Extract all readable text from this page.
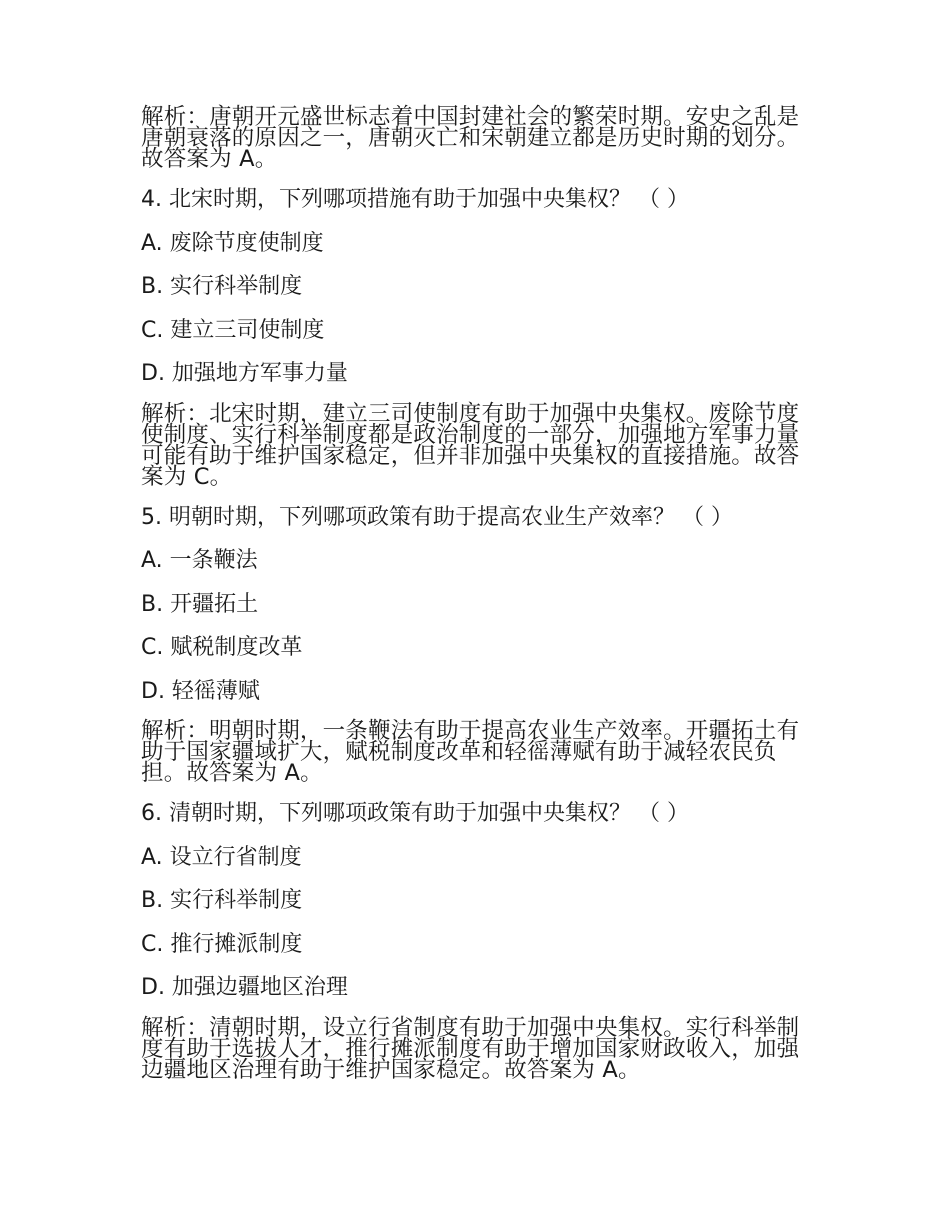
解析：唐朝开元盛世标志着中国封建社会的繁荣时期。安史之乱是唐朝衰落的原因之一，唐朝灭亡和宋朝建立都是历史时期的划分。故答案为 A。

4. 北宋时期，下列哪项措施有助于加强中央集权？ （ ）

A. 废除节度使制度

B. 实行科举制度

C. 建立三司使制度

D. 加强地方军事力量

解析：北宋时期，建立三司使制度有助于加强中央集权。废除节度使制度、实行科举制度都是政治制度的一部分，加强地方军事力量可能有助于维护国家稳定，但并非加强中央集权的直接措施。故答案为 C。

5. 明朝时期，下列哪项政策有助于提高农业生产效率？ （ ）

A. 一条鞭法

B. 开疆拓土

C. 赋税制度改革

D. 轻徭薄赋

解析：明朝时期，一条鞭法有助于提高农业生产效率。开疆拓土有助于国家疆域扩大，赋税制度改革和轻徭薄赋有助于减轻农民负担。故答案为 A。

6. 清朝时期，下列哪项政策有助于加强中央集权？ （ ）

A. 设立行省制度

B. 实行科举制度

C. 推行摊派制度

D. 加强边疆地区治理

解析：清朝时期，设立行省制度有助于加强中央集权。实行科举制度有助于选拔人才，推行摊派制度有助于增加国家财政收入，加强边疆地区治理有助于维护国家稳定。故答案为 A。
